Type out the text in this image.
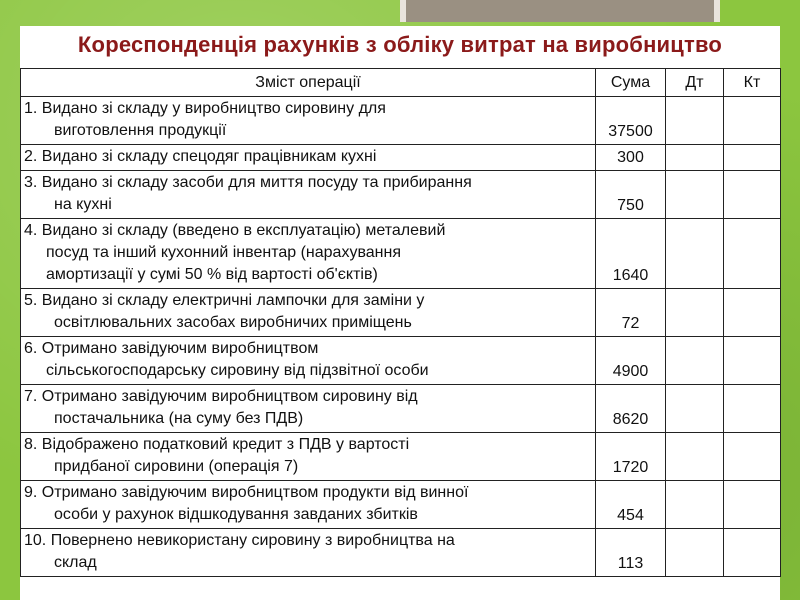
Кореспонденція рахунків з обліку витрат на виробництво
Зміст операції	Сума	Дт	Кт

1. Видано зі складу у виробництво сировину для
виготовлення продукції	37500		

2. Видано зі складу спецодяг працівникам кухні	300		

3. Видано зі складу засоби для миття посуду та прибирання
на кухні	750		

4. Видано зі складу (введено в експлуатацію) металевий
посуд та інший кухонний інвентар (нарахування
амортизації у сумі 50 % від вартості об'єктів)	1640		

5. Видано зі складу електричні лампочки для заміни у
освітлювальних засобах виробничих приміщень	72		

6. Отримано завідуючим виробництвом
сільськогосподарську сировину від підзвітної особи	4900		

7. Отримано завідуючим виробництвом сировину від
постачальника (на суму без ПДВ)	8620		

8. Відображено податковий кредит з ПДВ у вартості
придбаної сировини (операція 7)	1720		

9. Отримано завідуючим виробництвом продукти від винної
особи у рахунок відшкодування завданих збитків	454		

10. Повернено невикористану сировину з виробництва на
склад	113		
